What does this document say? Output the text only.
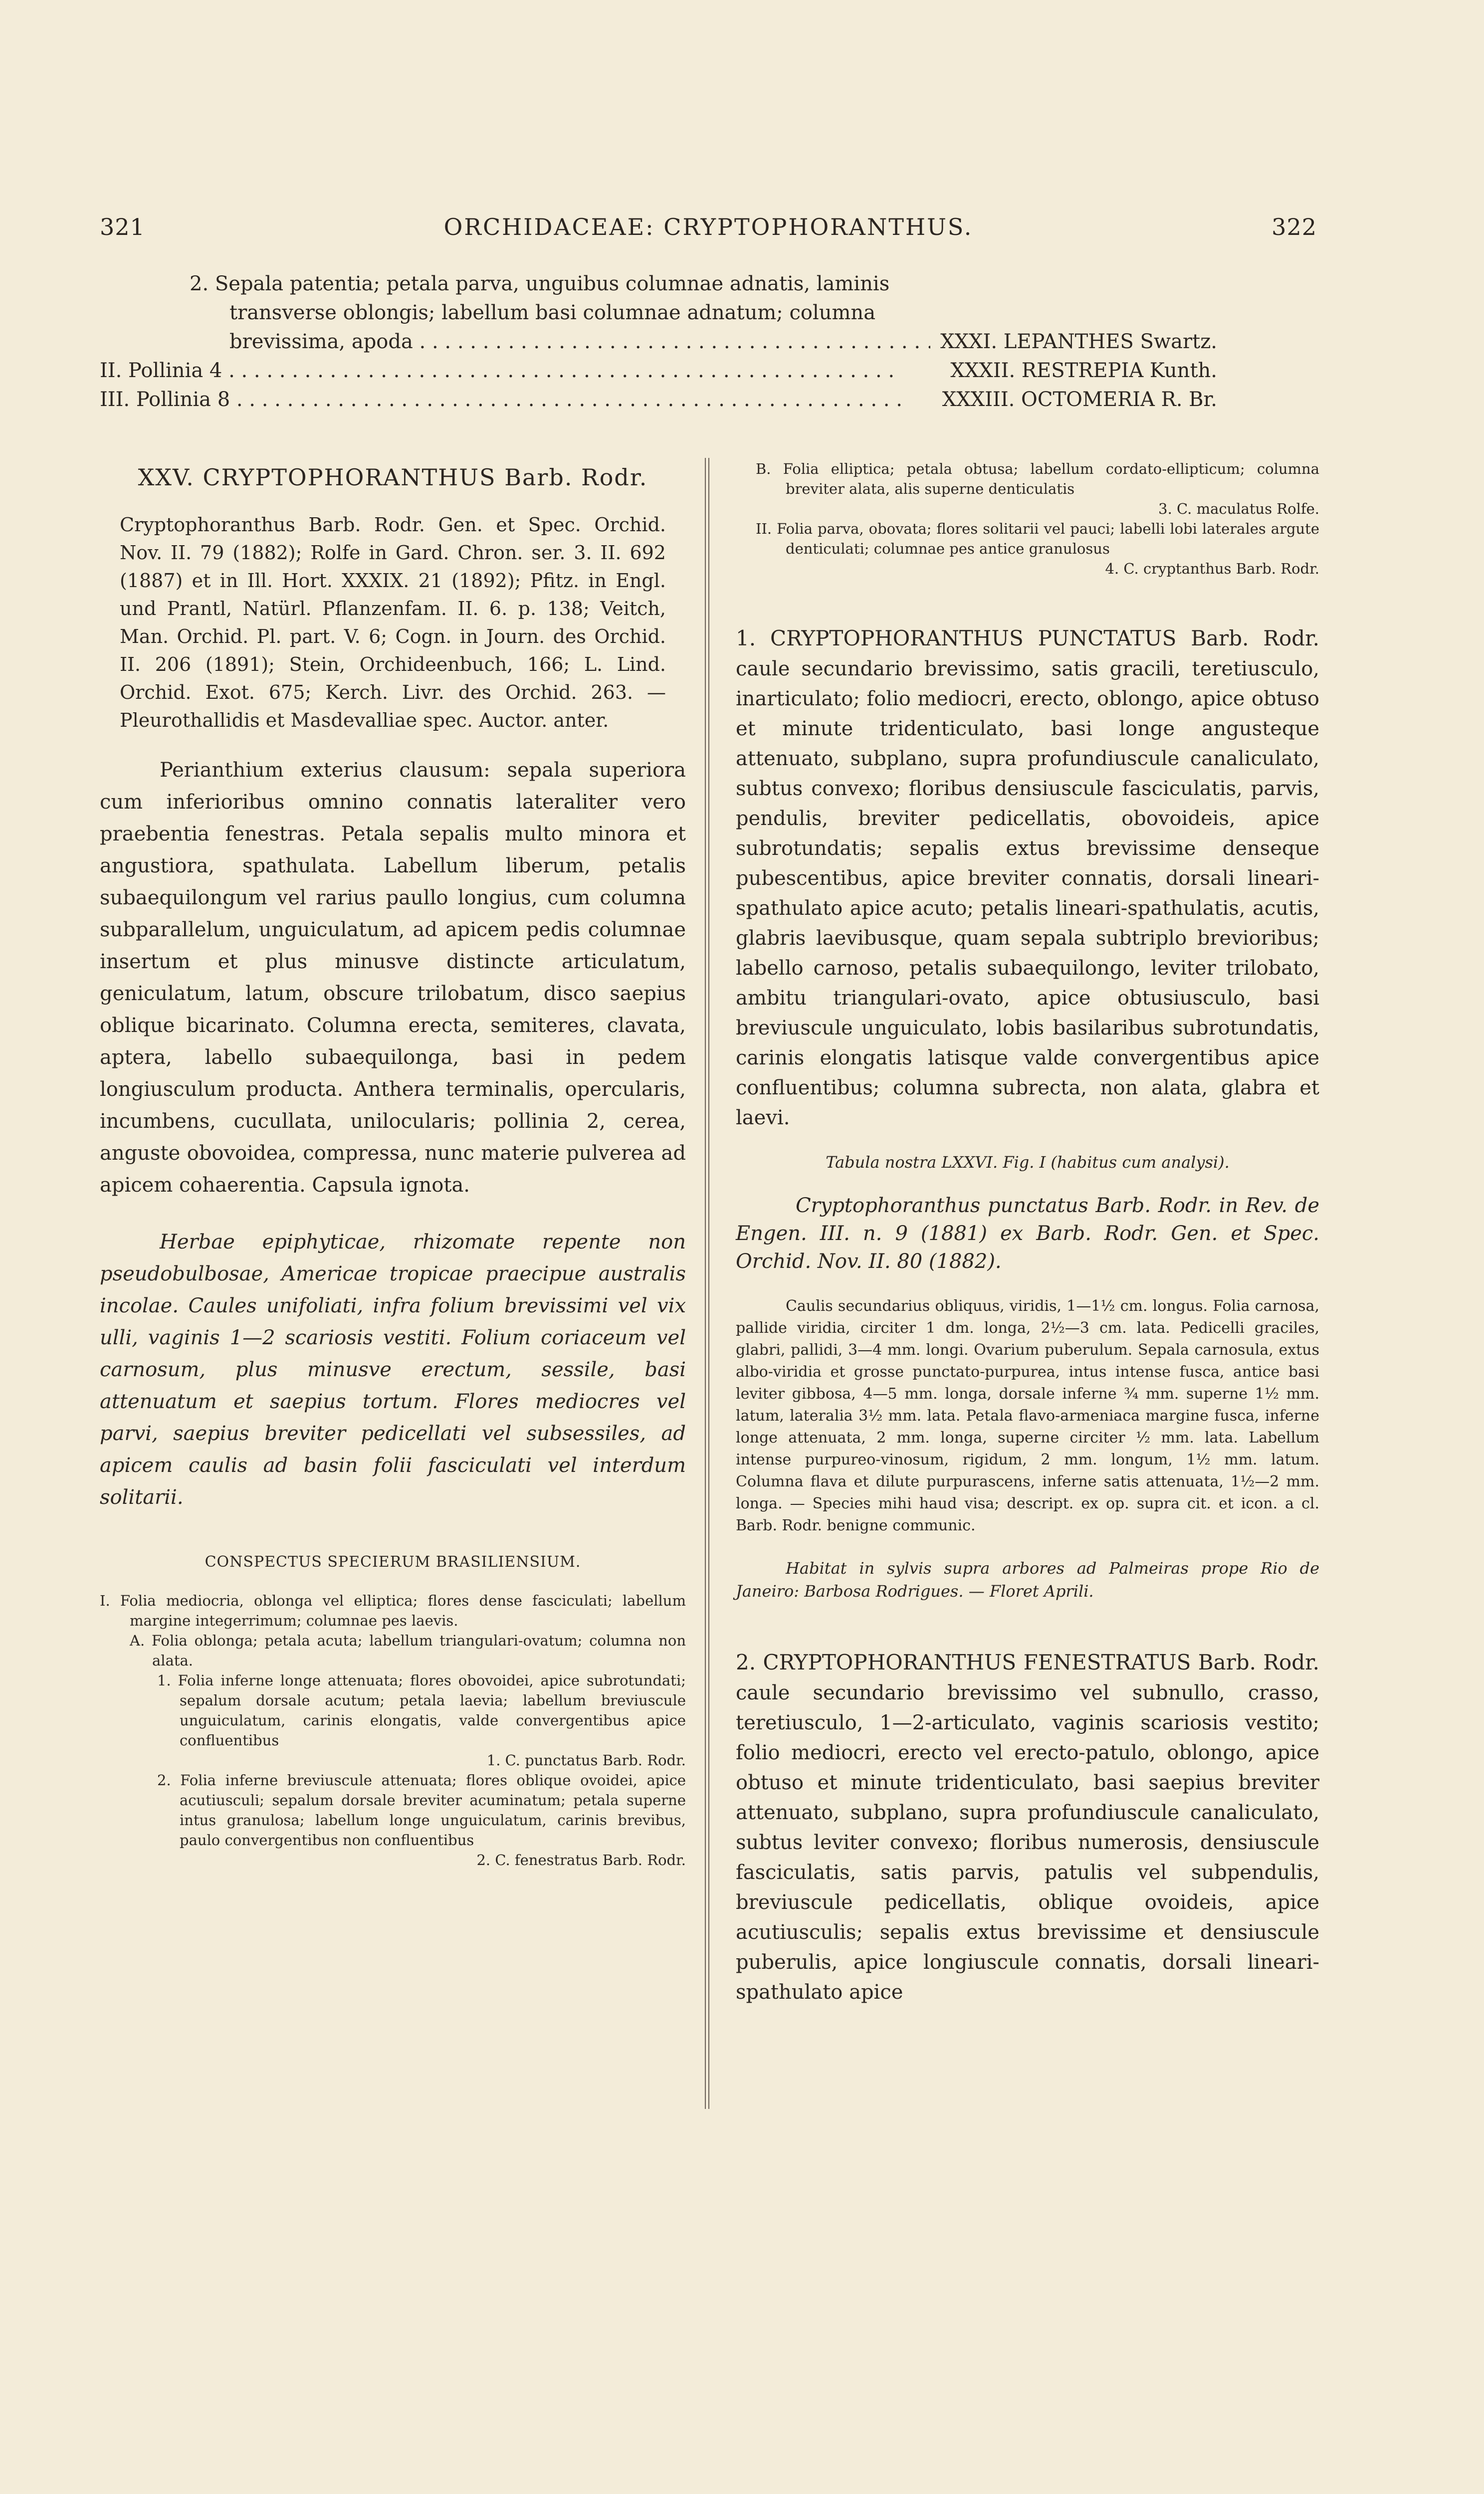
321	ORCHIDACEAE: CRYPTOPHORANTHUS.	322
2. Sepala patentia; petala parva, unguibus columnae adnatis, laminis
transverse oblongis; labellum basi columnae adnatum; columna
brevissima, apoda . . .	XXXI. LEPANTHES Swartz.
II. Pollinia 4 . . .	XXXII. RESTREPIA Kunth.
III. Pollinia 8 . . .	XXXIII. OCTOMERIA R. Br.
XXV. CRYPTOPHORANTHUS Barb. Rodr.
Cryptophoranthus Barb. Rodr. Gen. et Spec. Orchid. Nov. II. 79 (1882); Rolfe in Gard. Chron. ser. 3. II. 692 (1887) et in Ill. Hort. XXXIX. 21 (1892); Pfitz. in Engl. und Prantl, Natürl. Pflanzenfam. II. 6. p. 138; Veitch, Man. Orchid. Pl. part. V. 6; Cogn. in Journ. des Orchid. II. 206 (1891); Stein, Orchideenbuch, 166; L. Lind. Orchid. Exot. 675; Kerch. Livr. des Orchid. 263. — Pleurothallidis et Masdevalliae spec. Auctor. anter.

Perianthium exterius clausum: sepala superiora cum inferioribus omnino connatis lateraliter vero praebentia fenestras. Petala sepalis multo minora et angustiora, spathulata. Labellum liberum, petalis subaequilongum vel rarius paullo longius, cum columna subparallelum, unguiculatum, ad apicem pedis columnae insertum et plus minusve distincte articulatum, geniculatum, latum, obscure trilobatum, disco saepius oblique bicarinato. Columna erecta, semiteres, clavata, aptera, labello subaequilonga, basi in pedem longiusculum producta. Anthera terminalis, opercularis, incumbens, cucullata, unilocularis; pollinia 2, cerea, anguste obovoidea, compressa, nunc materie pulverea ad apicem cohaerentia. Capsula ignota.

Herbae epiphyticae, rhizomate repente non pseudobulbosae, Americae tropicae praecipue australis incolae. Caules unifoliati, infra folium brevissimi vel vix ulli, vaginis 1—2 scariosis vestiti. Folium coriaceum vel carnosum, plus minusve erectum, sessile, basi attenuatum et saepius tortum. Flores mediocres vel parvi, saepius breviter pedicellati vel subsessiles, ad apicem caulis ad basin folii fasciculati vel interdum solitarii.

CONSPECTUS SPECIERUM BRASILIENSIUM.
I. Folia mediocria, oblonga vel elliptica; flores dense fasciculati; labellum margine integerrimum; columnae pes laevis.
A. Folia oblonga; petala acuta; labellum triangulari-ovatum; columna non alata.
1. Folia inferne longe attenuata; flores obovoidei, apice subrotundati; sepalum dorsale acutum; petala laevia; labellum breviuscule unguiculatum, carinis elongatis, valde convergentibus apice confluentibus
1. C. punctatus Barb. Rodr.
2. Folia inferne breviuscule attenuata; flores oblique ovoidei, apice acutiusculi; sepalum dorsale breviter acuminatum; petala superne intus granulosa; labellum longe unguiculatum, carinis brevibus, paulo convergentibus non confluentibus
2. C. fenestratus Barb. Rodr.
B. Folia elliptica; petala obtusa; labellum cordato-ellipticum; columna breviter alata, alis superne denticulatis
3. C. maculatus Rolfe.
II. Folia parva, obovata; flores solitarii vel pauci; labelli lobi laterales argute denticulati; columnae pes antice granulosus
4. C. cryptanthus Barb. Rodr.
1. CRYPTOPHORANTHUS PUNCTATUS Barb. Rodr. caule secundario brevissimo, satis gracili, teretiusculo, inarticulato; folio mediocri, erecto, oblongo, apice obtuso et minute tridenticulato, basi longe angusteque attenuato, subplano, supra profundiuscule canaliculato, subtus convexo; floribus densiuscule fasciculatis, parvis, pendulis, breviter pedicellatis, obovoideis, apice subrotundatis; sepalis extus brevissime denseque pubescentibus, apice breviter connatis, dorsali lineari-spathulato apice acuto; petalis lineari-spathulatis, acutis, glabris laevibusque, quam sepala subtriplo brevioribus; labello carnoso, petalis subaequilongo, leviter trilobato, ambitu triangulari-ovato, apice obtusiusculo, basi breviuscule unguiculato, lobis basilaribus subrotundatis, carinis elongatis latisque valde convergentibus apice confluentibus; columna subrecta, non alata, glabra et laevi.
Tabula nostra LXXVI. Fig. I (habitus cum analysi).
Cryptophoranthus punctatus Barb. Rodr. in Rev. de Engen. III. n. 9 (1881) ex Barb. Rodr. Gen. et Spec. Orchid. Nov. II. 80 (1882).
Caulis secundarius obliquus, viridis, 1—1½ cm. longus. Folia carnosa, pallide viridia, circiter 1 dm. longa, 2½—3 cm. lata. Pedicelli graciles, glabri, pallidi, 3—4 mm. longi. Ovarium puberulum. Sepala carnosula, extus albo-viridia et grosse punctato-purpurea, intus intense fusca, antice basi leviter gibbosa, 4—5 mm. longa, dorsale inferne ¾ mm. superne 1½ mm. latum, lateralia 3½ mm. lata. Petala flavo-armeniaca margine fusca, inferne longe attenuata, 2 mm. longa, superne circiter ½ mm. lata. Labellum intense purpureo-vinosum, rigidum, 2 mm. longum, 1½ mm. latum. Columna flava et dilute purpurascens, inferne satis attenuata, 1½—2 mm. longa. — Species mihi haud visa; descript. ex op. supra cit. et icon. a cl. Barb. Rodr. benigne communic.
Habitat in sylvis supra arbores ad Palmeiras prope Rio de Janeiro: Barbosa Rodrigues. — Floret Aprili.
2. CRYPTOPHORANTHUS FENESTRATUS Barb. Rodr. caule secundario brevissimo vel subnullo, crasso, teretiusculo, 1—2-articulato, vaginis scariosis vestito; folio mediocri, erecto vel erecto-patulo, oblongo, apice obtuso et minute tridenticulato, basi saepius breviter attenuato, subplano, supra profundiuscule canaliculato, subtus leviter convexo; floribus numerosis, densiuscule fasciculatis, satis parvis, patulis vel subpendulis, breviuscule pedicellatis, oblique ovoideis, apice acutiusculis; sepalis extus brevissime et densiuscule puberulis, apice longiuscule connatis, dorsali lineari-spathulato apice
